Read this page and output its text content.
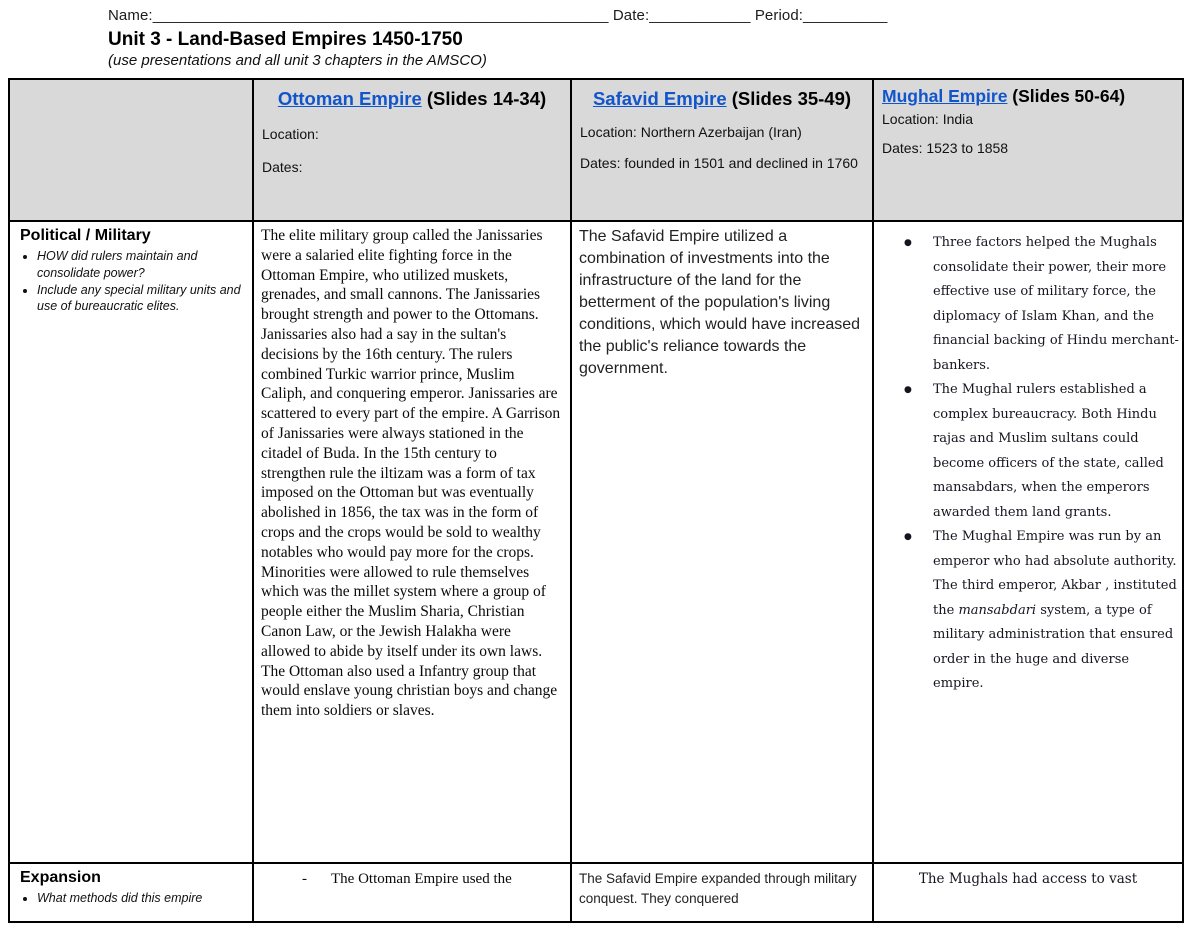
Name:______________________________________________________ Date:____________ Period:__________
Unit 3 - Land-Based Empires 1450-1750
(use presentations and all unit 3 chapters in the AMSCO)
Ottoman Empire (Slides 14-34)
Location:
Dates:
Safavid Empire (Slides 35-49)
Location: Northern Azerbaijan (Iran)
Dates: founded in 1501 and declined in 1760
Mughal Empire (Slides 50-64)
Location: India
Dates: 1523 to 1858
Political / Military
• HOW did rulers maintain and consolidate power?
• Include any special military units and use of bureaucratic elites.
The elite military group called the Janissaries were a salaried elite fighting force in the Ottoman Empire, who utilized muskets, grenades, and small cannons. The Janissaries brought strength and power to the Ottomans. Janissaries also had a say in the sultan's decisions by the 16th century. The rulers combined Turkic warrior prince, Muslim Caliph, and conquering emperor. Janissaries are scattered to every part of the empire. A Garrison of Janissaries were always stationed in the citadel of Buda. In the 15th century to strengthen rule the iltizam was a form of tax imposed on the Ottoman but was eventually abolished in 1856, the tax was in the form of crops and the crops would be sold to wealthy notables who would pay more for the crops. Minorities were allowed to rule themselves which was the millet system where a group of people either the Muslim Sharia, Christian Canon Law, or the Jewish Halakha were allowed to abide by itself under its own laws. The Ottoman also used a Infantry group that would enslave young christian boys and change them into soldiers or slaves.
The Safavid Empire utilized a combination of investments into the infrastructure of the land for the betterment of the population's living conditions, which would have increased the public's reliance towards the government.
● Three factors helped the Mughals consolidate their power, their more effective use of military force, the diplomacy of Islam Khan, and the financial backing of Hindu merchant-bankers.
● The Mughal rulers established a complex bureaucracy. Both Hindu rajas and Muslim sultans could become officers of the state, called mansabdars, when the emperors awarded them land grants.
● The Mughal Empire was run by an emperor who had absolute authority. The third emperor, Akbar , instituted the mansabdari system, a type of military administration that ensured order in the huge and diverse empire.
Expansion
• What methods did this empire
- The Ottoman Empire used the	The Safavid Empire expanded through military conquest. They conquered
The Mughals had access to vast
